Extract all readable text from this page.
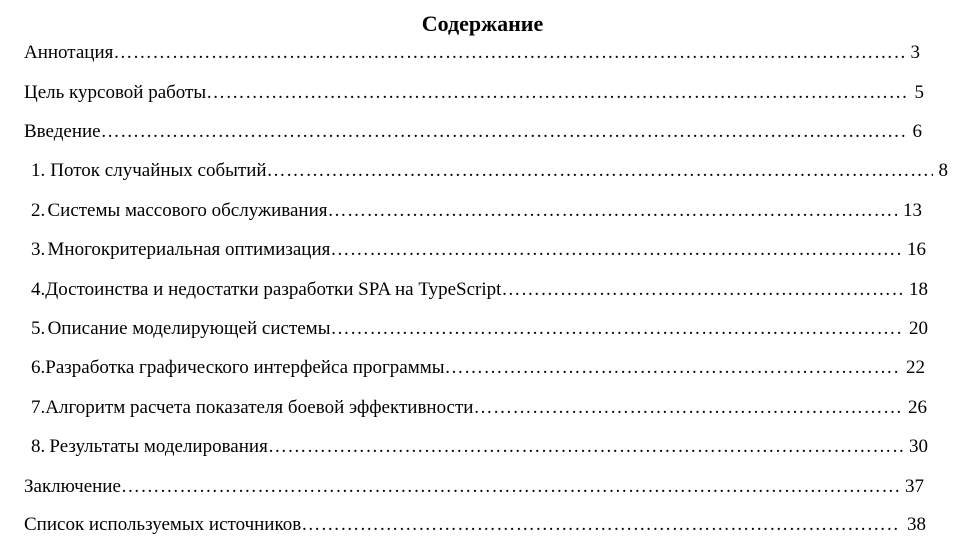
Содержание
Аннотация ……………………………………………………………………………………………………………………………………………………………………	3
Цель курсовой работы ……………………………………………………………………………………………………………………………………………………………………	5
Введение ……………………………………………………………………………………………………………………………………………………………………	6
1. Поток случайных событий ……………………………………………………………………………………………………………………………………………………………………	8
2. Системы массового обслуживания ……………………………………………………………………………………………………………………………………………………………………	13
3. Многокритериальная оптимизация ……………………………………………………………………………………………………………………………………………………………………	16
4. Достоинства и недостатки разработки SPA на TypeScript ……………………………………………………………………………………………………………………………………………………………………	18
5. Описание моделирующей системы ……………………………………………………………………………………………………………………………………………………………………	20
6. Разработка графического интерфейса программы ……………………………………………………………………………………………………………………………………………………………………	22
7. Алгоритм расчета показателя боевой эффективности ……………………………………………………………………………………………………………………………………………………………………	26
8. Результаты моделирования ……………………………………………………………………………………………………………………………………………………………………	30
Заключение ……………………………………………………………………………………………………………………………………………………………………	37
Список используемых источников ……………………………………………………………………………………………………………………………………………………………………	38
